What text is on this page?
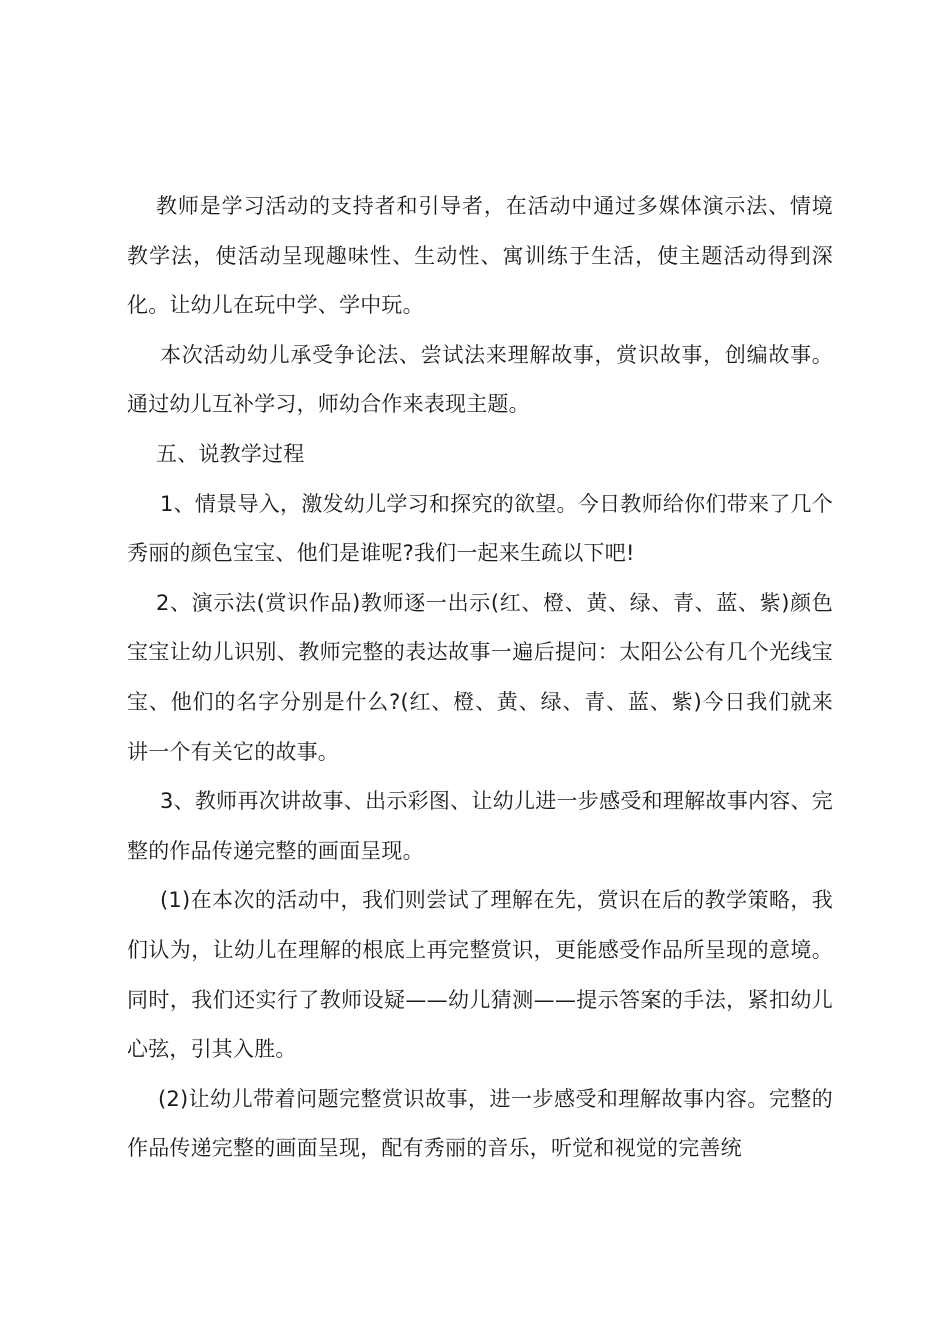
教师是学习活动的支持者和引导者，在活动中通过多媒体演示法、情境教学法，使活动呈现趣味性、生动性、寓训练于生活，使主题活动得到深化。让幼儿在玩中学、学中玩。

本次活动幼儿承受争论法、尝试法来理解故事，赏识故事，创编故事。通过幼儿互补学习，师幼合作来表现主题。

五、说教学过程

1、情景导入，激发幼儿学习和探究的欲望。今日教师给你们带来了几个秀丽的颜色宝宝、他们是谁呢?我们一起来生疏以下吧!

2、演示法(赏识作品)教师逐一出示(红、橙、黄、绿、青、蓝、紫)颜色宝宝让幼儿识别、教师完整的表达故事一遍后提问：太阳公公有几个光线宝宝、他们的名字分别是什么?(红、橙、黄、绿、青、蓝、紫)今日我们就来讲一个有关它的故事。

3、教师再次讲故事、出示彩图、让幼儿进一步感受和理解故事内容、完整的作品传递完整的画面呈现。

(1)在本次的活动中，我们则尝试了理解在先，赏识在后的教学策略，我们认为，让幼儿在理解的根底上再完整赏识，更能感受作品所呈现的意境。同时，我们还实行了教师设疑——幼儿猜测——提示答案的手法，紧扣幼儿心弦，引其入胜。

(2)让幼儿带着问题完整赏识故事，进一步感受和理解故事内容。完整的作品传递完整的画面呈现，配有秀丽的音乐，听觉和视觉的完善统
